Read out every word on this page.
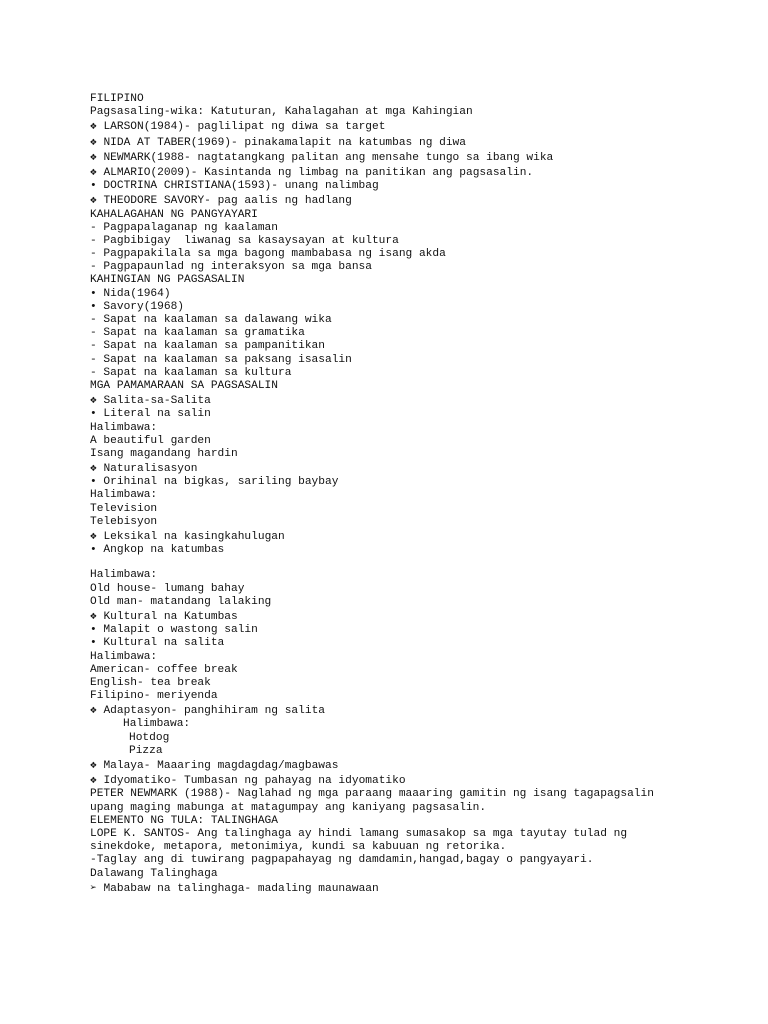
FILIPINO
Pagsasaling-wika: Katuturan, Kahalagahan at mga Kahingian
❖ LARSON(1984)- paglilipat ng diwa sa target
❖ NIDA AT TABER(1969)- pinakamalapit na katumbas ng diwa
❖ NEWMARK(1988- nagtatangkang palitan ang mensahe tungo sa ibang wika
❖ ALMARIO(2009)- Kasintanda ng limbag na panitikan ang pagsasalin.
• DOCTRINA CHRISTIANA(1593)- unang nalimbag
❖ THEODORE SAVORY- pag aalis ng hadlang
KAHALAGAHAN NG PANGYAYARI
- Pagpapalaganap ng kaalaman
- Pagbibigay  liwanag sa kasaysayan at kultura
- Pagpapakilala sa mga bagong mambabasa ng isang akda
- Pagpapaunlad ng interaksyon sa mga bansa
KAHINGIAN NG PAGSASALIN
• Nida(1964)
• Savory(1968)
- Sapat na kaalaman sa dalawang wika
- Sapat na kaalaman sa gramatika
- Sapat na kaalaman sa pampanitikan
- Sapat na kaalaman sa paksang isasalin
- Sapat na kaalaman sa kultura
MGA PAMAMARAAN SA PAGSASALIN
❖ Salita-sa-Salita
• Literal na salin
Halimbawa:
A beautiful garden
Isang magandang hardin
❖ Naturalisasyon
• Orihinal na bigkas, sariling baybay
Halimbawa:
Television
Telebisyon
❖ Leksikal na kasingkahulugan
• Angkop na katumbas
Halimbawa:
Old house- lumang bahay
Old man- matandang lalaking
❖ Kultural na Katumbas
• Malapit o wastong salin
• Kultural na salita
Halimbawa:
American- coffee break
English- tea break
Filipino- meriyenda
❖ Adaptasyon- panghihiram ng salita
Halimbawa:
Hotdog
Pizza
❖ Malaya- Maaaring magdagdag/magbawas
❖ Idyomatiko- Tumbasan ng pahayag na idyomatiko
PETER NEWMARK (1988)- Naglahad ng mga paraang maaaring gamitin ng isang tagapagsalin
upang maging mabunga at matagumpay ang kaniyang pagsasalin.
ELEMENTO NG TULA: TALINGHAGA
LOPE K. SANTOS- Ang talinghaga ay hindi lamang sumasakop sa mga tayutay tulad ng
sinekdoke, metapora, metonimiya, kundi sa kabuuan ng retorika.
-Taglay ang di tuwirang pagpapahayag ng damdamin,hangad,bagay o pangyayari.
Dalawang Talinghaga
➢ Mababaw na talinghaga- madaling maunawaan
